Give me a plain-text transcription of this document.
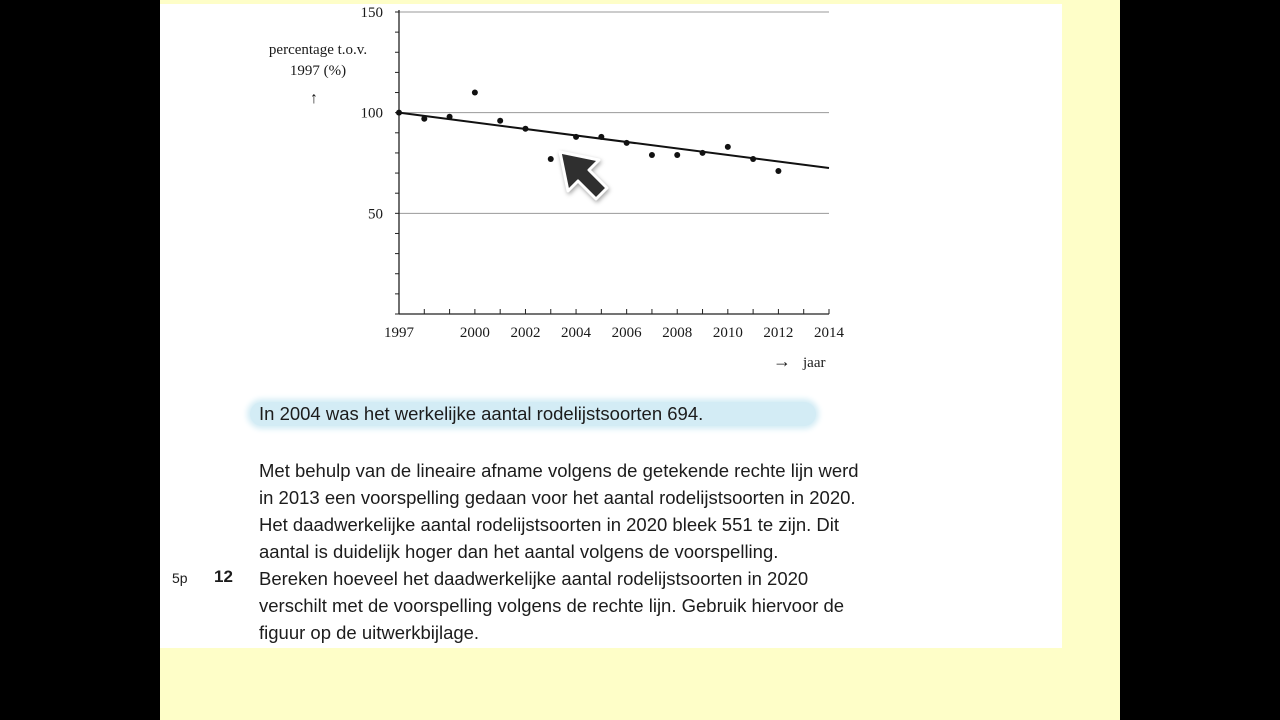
50
100
150
1997	2000 2002 2004 2006 2008 2010 2012 2014
percentage t.o.v.
1997 (%)
↑
→ jaar
In 2004 was het werkelijke aantal rodelijstsoorten 694.
Met behulp van de lineaire afname volgens de getekende rechte lijn werd
in 2013 een voorspelling gedaan voor het aantal rodelijstsoorten in 2020.
Het daadwerkelijke aantal rodelijstsoorten in 2020 bleek 551 te zijn. Dit
aantal is duidelijk hoger dan het aantal volgens de voorspelling.
Bereken hoeveel het daadwerkelijke aantal rodelijstsoorten in 2020
verschilt met de voorspelling volgens de rechte lijn. Gebruik hiervoor de
figuur op de uitwerkbijlage.
5p 12
